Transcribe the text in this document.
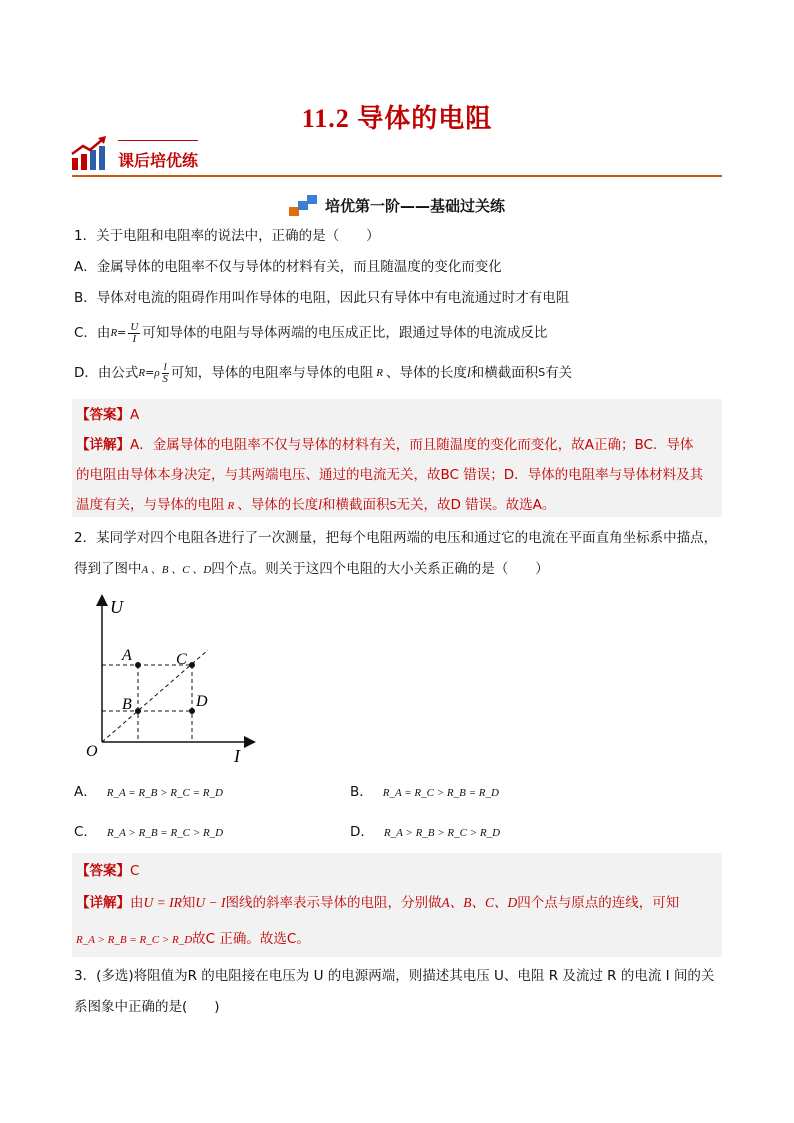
11.2 导体的电阻
课后培优练
培优第一阶——基础过关练
1．关于电阻和电阻率的说法中，正确的是（　　）
A．金属导体的电阻率不仅与导体的材料有关，而且随温度的变化而变化
B．导体对电流的阻碍作用叫作导体的电阻，因此只有导体中有电流通过时才有电阻
C．由 $R = \frac{U}{I}$ 可知导体的电阻与导体两端的电压成正比，跟通过导体的电流成反比
D．由公式 R = ρ $\frac{l}{S}$ 可知，导体的电阻率与导体的电阻 R 、导体的长度 l 和横截面积 S 有关
【答案】A
【详解】A．金属导体的电阻率不仅与导体的材料有关，而且随温度的变化而变化，故A正确；BC．导体
的电阻由导体本身决定，与其两端电压、通过的电流无关，故BC 错误；D．导体的电阻率与导体材料及其
温度有关，与导体的电阻 R 、导体的长度l和横截面积S无关，故D 错误。故选A。
2．某同学对四个电阻各进行了一次测量，把每个电阻两端的电压和通过它的电流在平面直角坐标系中描点，
得到了图中A 、B 、C 、D四个点。则关于这四个电阻的大小关系正确的是（　　）
U
I
O
A	C
B	D
A． R_A = R_B > R_C = R_D	B． R_A = R_C > R_B = R_D
C． R_A > R_B = R_C > R_D	D． R_A > R_B > R_C > R_D
【答案】C
【详解】由U = IR知U − I图线的斜率表示导体的电阻，分别做A、B、C、D四个点与原点的连线，可知
R_A > R_B = R_C > R_D故C 正确。故选C。
3．(多选)将阻值为R 的电阻接在电压为 U 的电源两端，则描述其电压 U、电阻 R 及流过 R 的电流 I 间的关
系图象中正确的是(　　)
